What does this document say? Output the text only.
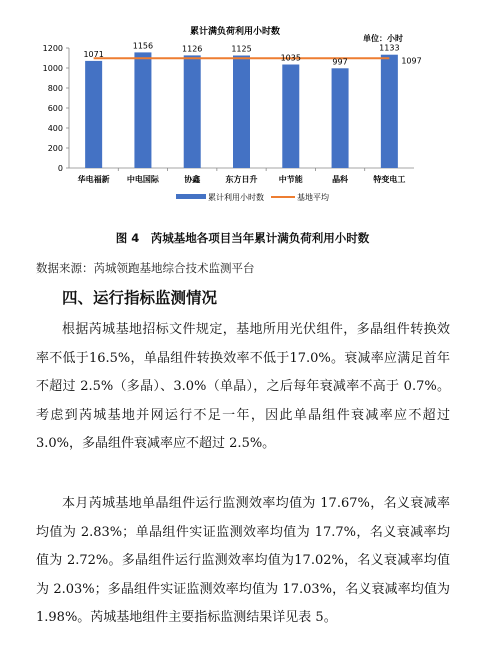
累计满负荷利用小时数
单位：小时
0
200
400
600
800
1000
1200
华电福新 中电国际	协鑫	东方日升	中节能	晶科	特变电工
1071
1156	1126	1125
1035	997
1133
1097
累计利用小时数	基地平均
图 4　芮城基地各项目当年累计满负荷利用小时数
数据来源：芮城领跑基地综合技术监测平台
四、运行指标监测情况

根据芮城基地招标文件规定，基地所用光伏组件，多晶组件转换效率不低于16.5%，单晶组件转换效率不低于17.0%。衰减率应满足首年不超过 2.5%（多晶）、3.0%（单晶），之后每年衰减率不高于 0.7%。考虑到芮城基地并网运行不足一年，因此单晶组件衰减率应不超过 3.0%，多晶组件衰减率应不超过 2.5%。

本月芮城基地单晶组件运行监测效率均值为 17.67%，名义衰减率均值为 2.83%；单晶组件实证监测效率均值为 17.7%，名义衰减率均值为 2.72%。多晶组件运行监测效率均值为17.02%，名义衰减率均值为 2.03%；多晶组件实证监测效率均值为 17.03%，名义衰减率均值为 1.98%。芮城基地组件主要指标监测结果详见表 5。
